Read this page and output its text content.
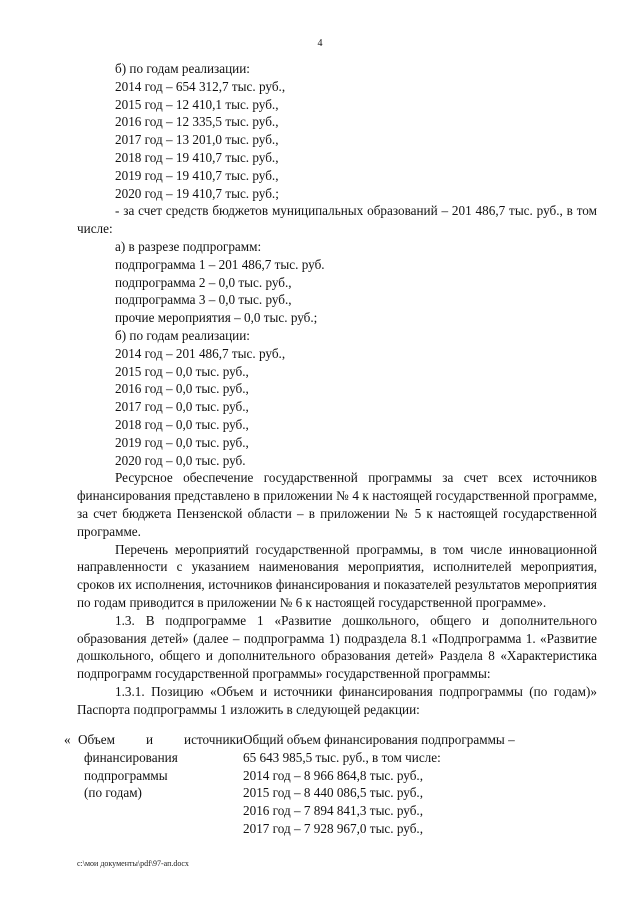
4

б) по годам реализации:

2014 год – 654 312,7 тыс. руб.,

2015 год – 12 410,1 тыс. руб.,

2016 год – 12 335,5 тыс. руб.,

2017 год – 13 201,0 тыс. руб.,

2018 год – 19 410,7 тыс. руб.,

2019 год – 19 410,7 тыс. руб.,

2020 год – 19 410,7 тыс. руб.;

- за счет средств бюджетов муниципальных образований – 201 486,7 тыс. руб., в том числе:

а) в разрезе подпрограмм:

подпрограмма 1 – 201 486,7 тыс. руб.

подпрограмма 2 – 0,0 тыс. руб.,

подпрограмма 3 – 0,0 тыс. руб.,

прочие мероприятия – 0,0 тыс. руб.;

б) по годам реализации:

2014 год – 201 486,7 тыс. руб.,

2015 год – 0,0 тыс. руб.,

2016 год – 0,0 тыс. руб.,

2017 год – 0,0 тыс. руб.,

2018 год – 0,0 тыс. руб.,

2019 год – 0,0 тыс. руб.,

2020 год – 0,0 тыс. руб.

Ресурсное обеспечение государственной программы за счет всех источников финансирования представлено в приложении № 4 к настоящей государственной программе, за счет бюджета Пензенской области – в приложении № 5 к настоящей государственной программе.

Перечень мероприятий государственной программы, в том числе инновационной направленности с указанием наименования мероприятия, исполнителей мероприятия, сроков их исполнения, источников финансирования и показателей результатов мероприятия по годам приводится в приложении № 6 к настоящей государственной программе».

1.3. В подпрограмме 1 «Развитие дошкольного, общего и дополнительного образования детей» (далее – подпрограмма 1) подраздела 8.1 «Подпрограмма 1. «Развитие дошкольного, общего и дополнительного образования детей» Раздела 8 «Характеристика подпрограмм государственной программы» государственной программы:

1.3.1. Позицию «Объем и источники финансирования подпрограммы (по годам)» Паспорта подпрограммы 1 изложить в следующей редакции:

« Объем и источники
финансирования
подпрограммы
(по годам)
Общий объем финансирования подпрограммы –
65 643 985,5 тыс. руб., в том числе:
2014 год – 8 966 864,8 тыс. руб.,
2015 год – 8 440 086,5 тыс. руб.,
2016 год – 7 894 841,3 тыс. руб.,
2017 год – 7 928 967,0 тыс. руб.,
c:\мои документы\pdf\97-ап.docx
